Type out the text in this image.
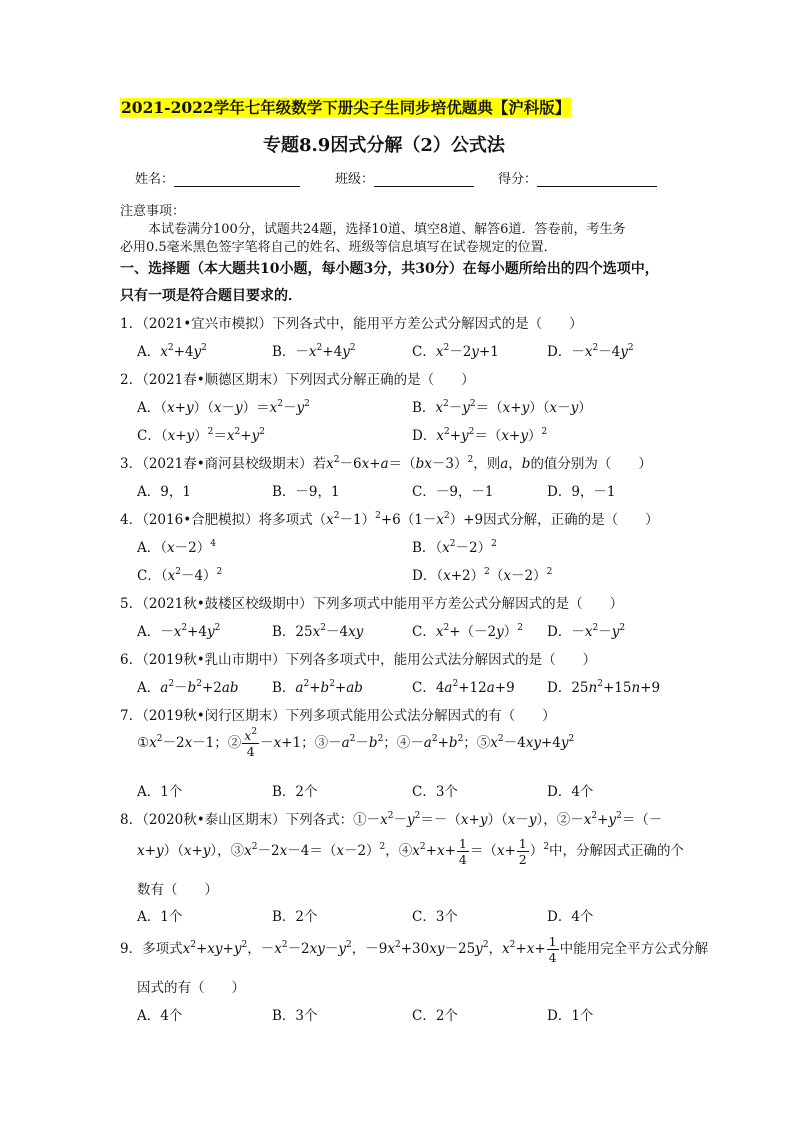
2021-2022学年七年级数学下册尖子生同步培优题典【沪科版】
专题8.9因式分解（2）公式法
姓名：	班级：	得分：
注意事项：
本试卷满分100分，试题共24题，选择10道、填空8道、解答6道．答卷前，考生务
必用0.5毫米黑色签字笔将自己的姓名、班级等信息填写在试卷规定的位置．
一、选择题（本大题共10小题，每小题3分，共30分）在每小题所给出的四个选项中，
只有一项是符合题目要求的．
1．（2021•宜兴市模拟）下列各式中，能用平方差公式分解因式的是（　　）
A．$x^2+4y^2$	B．$-x^2+4y^2$	C．$x^2-2y+1$	D．$-x^2-4y^2$
2．（2021春•顺德区期末）下列因式分解正确的是（　　）
A．$(x+y)(x-y)=x^2-y^2$	B．$x^2-y^2=(x+y)(x-y)$
C．$(x+y)^2=x^2+y^2$	D．$x^2+y^2=(x+y)^2$
3．（2021春•商河县校级期末）若$x^2-6x+a=(bx-3)^2$，则a，b的值分别为（　　）
A．9，1	B．－9，1	C．－9，－1	D．9，－1
4．（2016•合肥模拟）将多项式$(x^2-1)^2+6(1-x^2)+9$因式分解，正确的是（　　）
A．$(x-2)^4$	B．$(x^2-2)^2$
C．$(x^2-4)^2$	D．$(x+2)^2(x-2)^2$
5．（2021秋•鼓楼区校级期中）下列多项式中能用平方差公式分解因式的是（　　）
A．$-x^2+4y^2$	B．$25x^2-4xy$	C．$x^2+(-2y)^2$ D．$-x^2-y^2$
6．（2019秋•乳山市期中）下列各多项式中，能用公式法分解因式的是（　　）
A．$a^2-b^2+2ab$ B．$a^2+b^2+ab$	C．$4a^2+12a+9$ D．$25n^2+15n+9$
7．（2019秋•闵行区期末）下列多项式能用公式法分解因式的有（　　）
$①x^2-2x-1$；② $\frac{x^2}{4} -x+1$；$③-a^2-b^2$；$④-a^2+b^2$；$⑤x^2-4xy+4y^2$
A．1个	B．2个	C．3个	D．4个
8．（2020秋•泰山区期末）下列各式：$①-x^2-y^2=-(x+y)(x-y)$，$②-x^2+y^2=(-$
x+y）（x+y），$③x^2-2x-4=(x-2)^2$，$④x^2+x+ \frac{1}{4} =(x+ \frac{1}{2} )^2$中，分解因式正确的个
数有（　　）
A．1个	B．2个	C．3个	D．4个
9．多项式$x^2+xy+y^2$，$-x^2-2xy-y^2$，$-9x^2+30xy-25y^2$，$x^2+x+ \frac{1}{4}$ 中能用完全平方公式分解
因式的有（　　）
A．4个	B．3个	C．2个	D．1个
